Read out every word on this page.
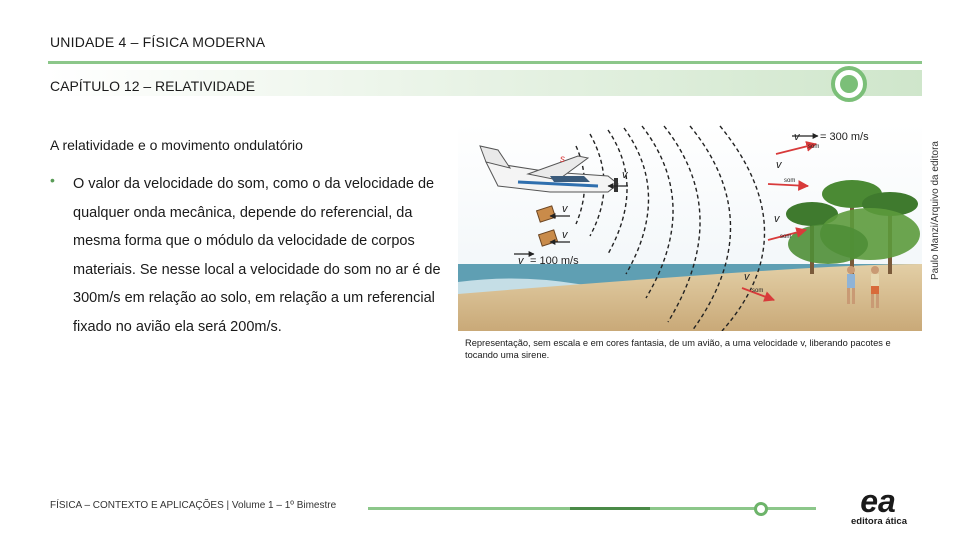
UNIDADE 4 – FÍSICA MODERNA
CAPÍTULO 12 – RELATIVIDADE
A relatividade e o movimento ondulatório
• O valor da velocidade do som, como o da velocidade de qualquer onda mecânica, depende do referencial, da mesma forma que o módulo da velocidade de corpos materiais. Se nesse local a velocidade do som no ar é de 300m/s em relação ao solo, em relação a um referencial fixado no avião ela será 200m/s.
v
som
= 300 m/s
s
v
v
v
v = 100 m/s
v
som
v
som
v
som
Paulo Manzi/Arquivo da editora
Representação, sem escala e em cores fantasia, de um avião, a uma velocidade v, liberando pacotes e tocando uma sirene.
FÍSICA – CONTEXTO E APLICAÇÕES | Volume 1 – 1º Bimestre	ea
editora ática
